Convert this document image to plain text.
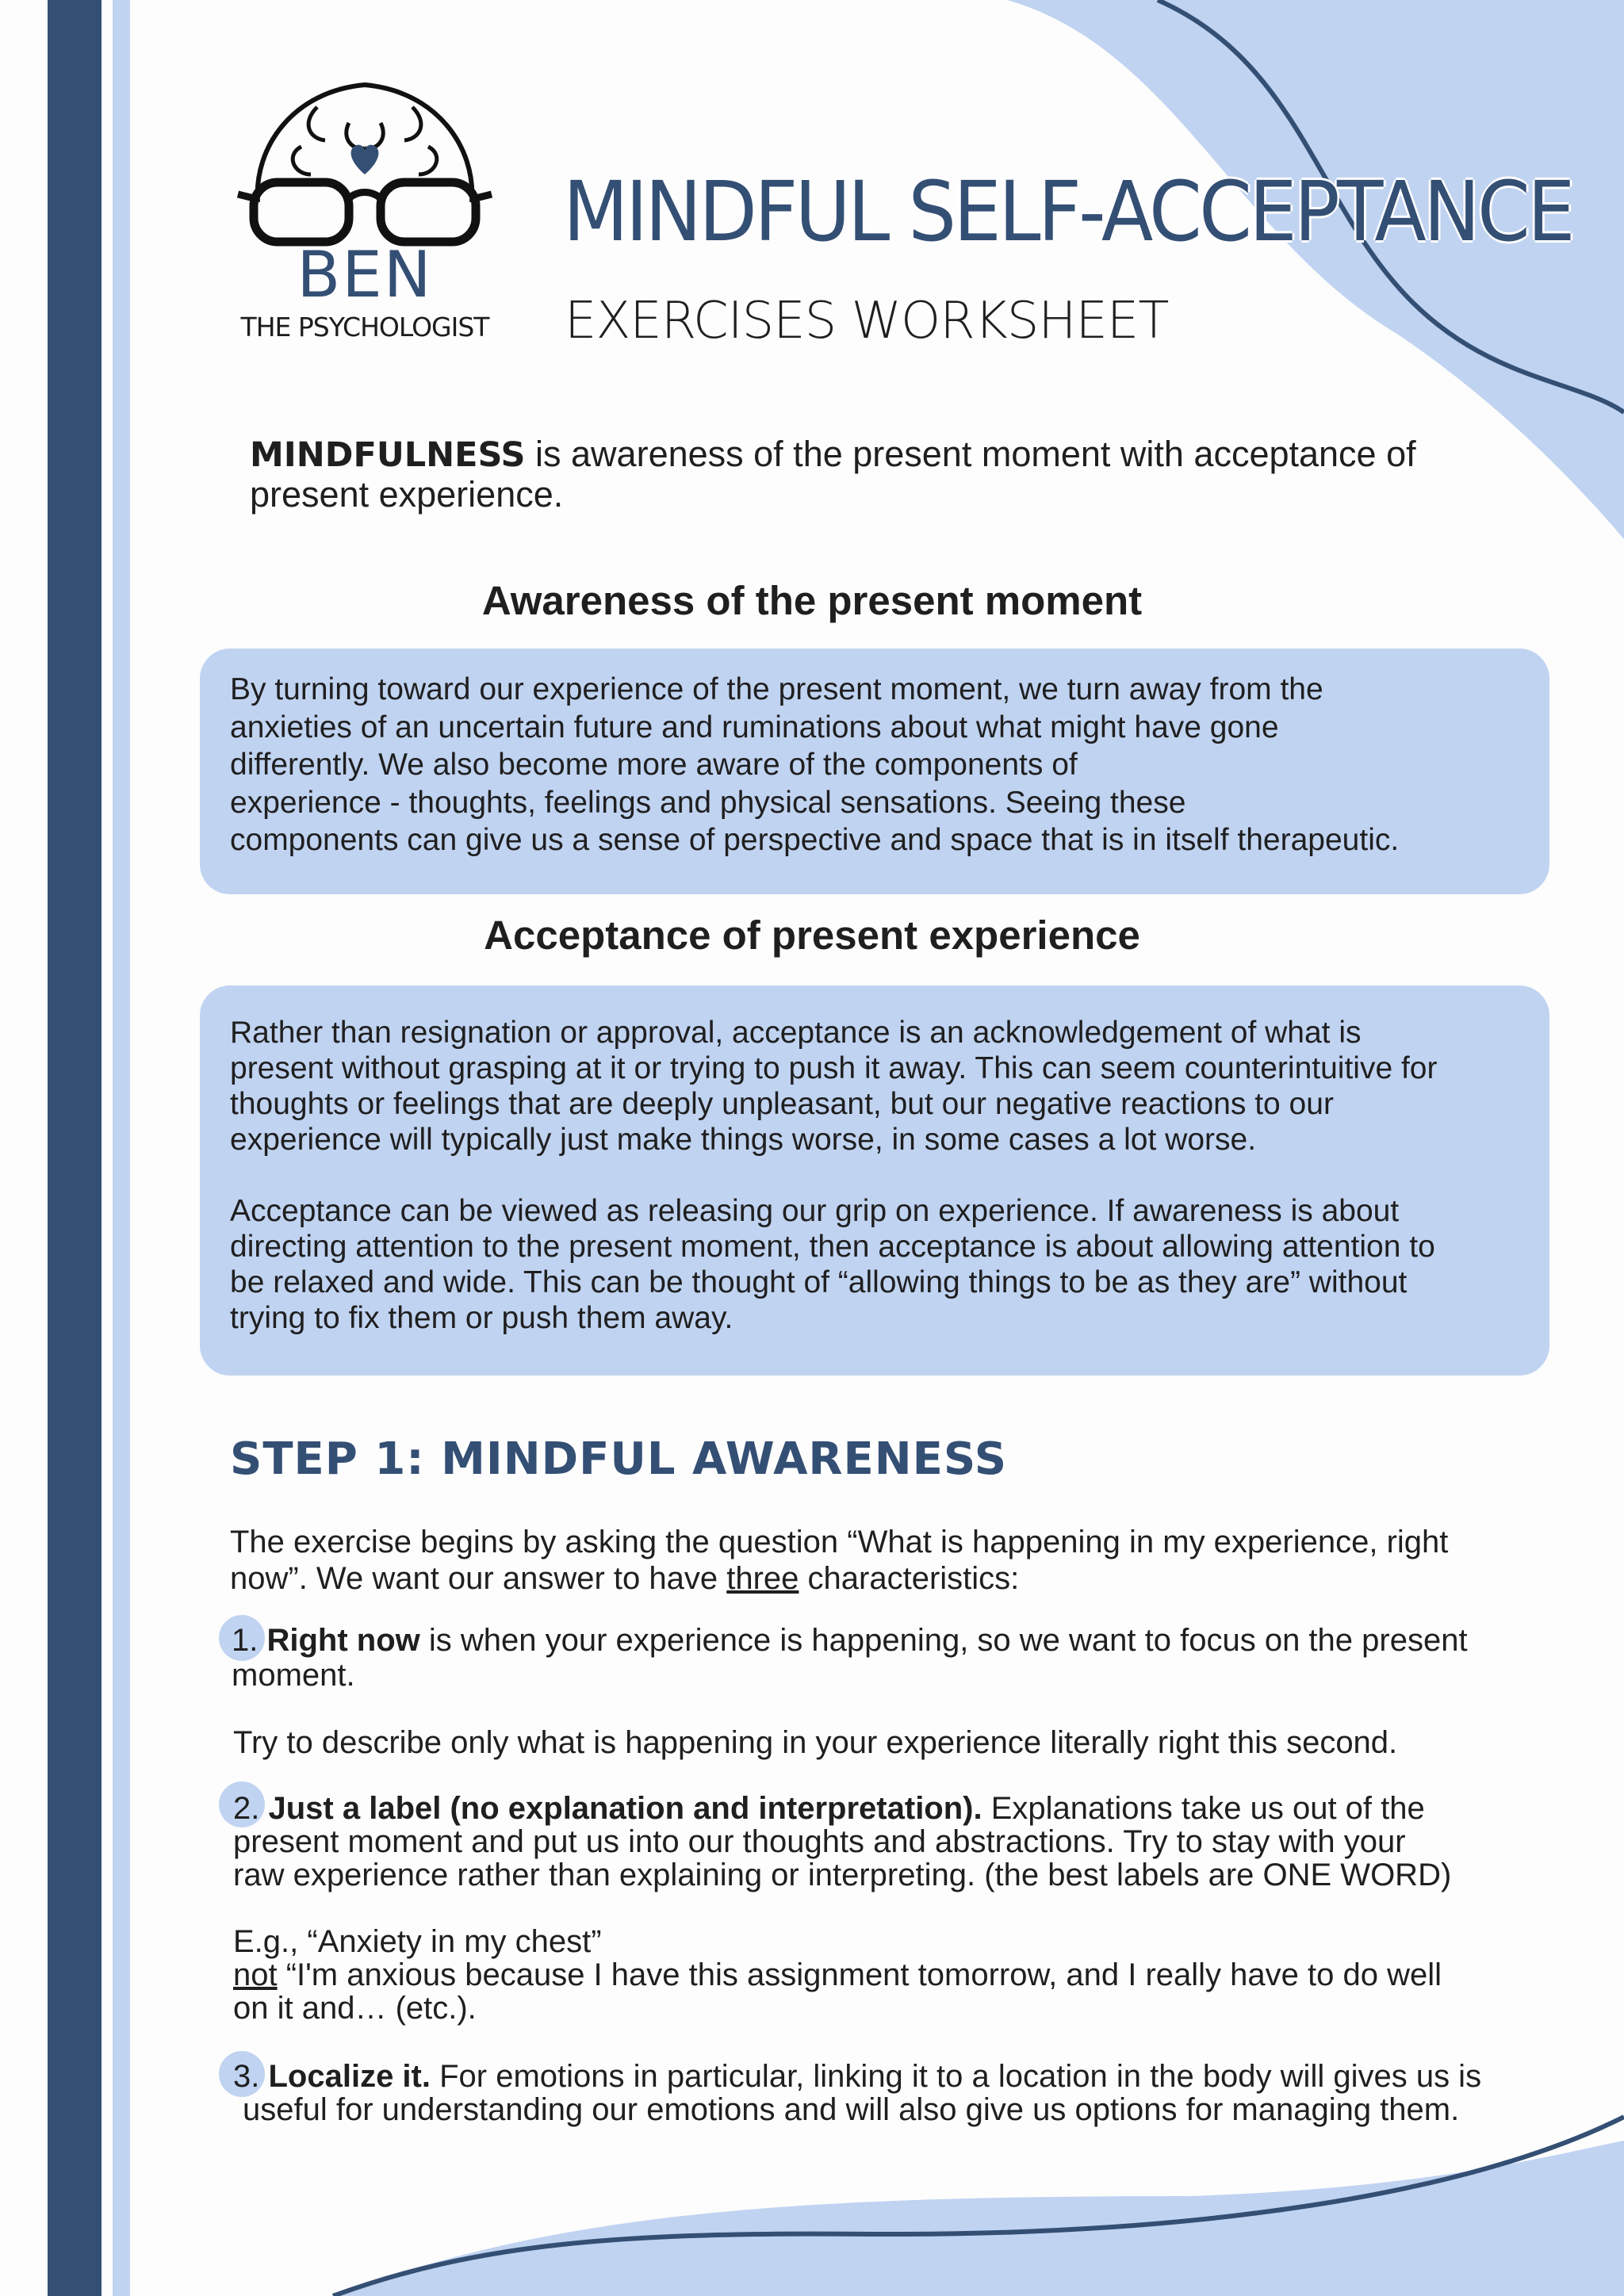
BEN
THE PSYCHOLOGIST
MINDFUL SELF-ACCEPTANCE
EXERCISES WORKSHEET
MINDFULNESS is awareness of the present moment with acceptance of present experience.
Awareness of the present moment
By turning toward our experience of the present moment, we turn away from the
anxieties of an uncertain future and ruminations about what might have gone
differently. We also become more aware of the components of
experience - thoughts, feelings and physical sensations. Seeing these
components can give us a sense of perspective and space that is in itself therapeutic.
Acceptance of present experience
Rather than resignation or approval, acceptance is an acknowledgement of what is
present without grasping at it or trying to push it away. This can seem counterintuitive for
thoughts or feelings that are deeply unpleasant, but our negative reactions to our
experience will typically just make things worse, in some cases a lot worse.
Acceptance can be viewed as releasing our grip on experience. If awareness is about
directing attention to the present moment, then acceptance is about allowing attention to
be relaxed and wide. This can be thought of “allowing things to be as they are” without
trying to fix them or push them away.
STEP 1: MINDFUL AWARENESS
The exercise begins by asking the question “What is happening in my experience, right
now”. We want our answer to have three characteristics:
1. Right now is when your experience is happening, so we want to focus on the present
moment.
Try to describe only what is happening in your experience literally right this second.
2. Just a label (no explanation and interpretation). Explanations take us out of the
present moment and put us into our thoughts and abstractions. Try to stay with your
raw experience rather than explaining or interpreting. (the best labels are ONE WORD)
E.g., “Anxiety in my chest”
not “I'm anxious because I have this assignment tomorrow, and I really have to do well
on it and… (etc.).
3. Localize it. For emotions in particular, linking it to a location in the body will gives us is
useful for understanding our emotions and will also give us options for managing them.
